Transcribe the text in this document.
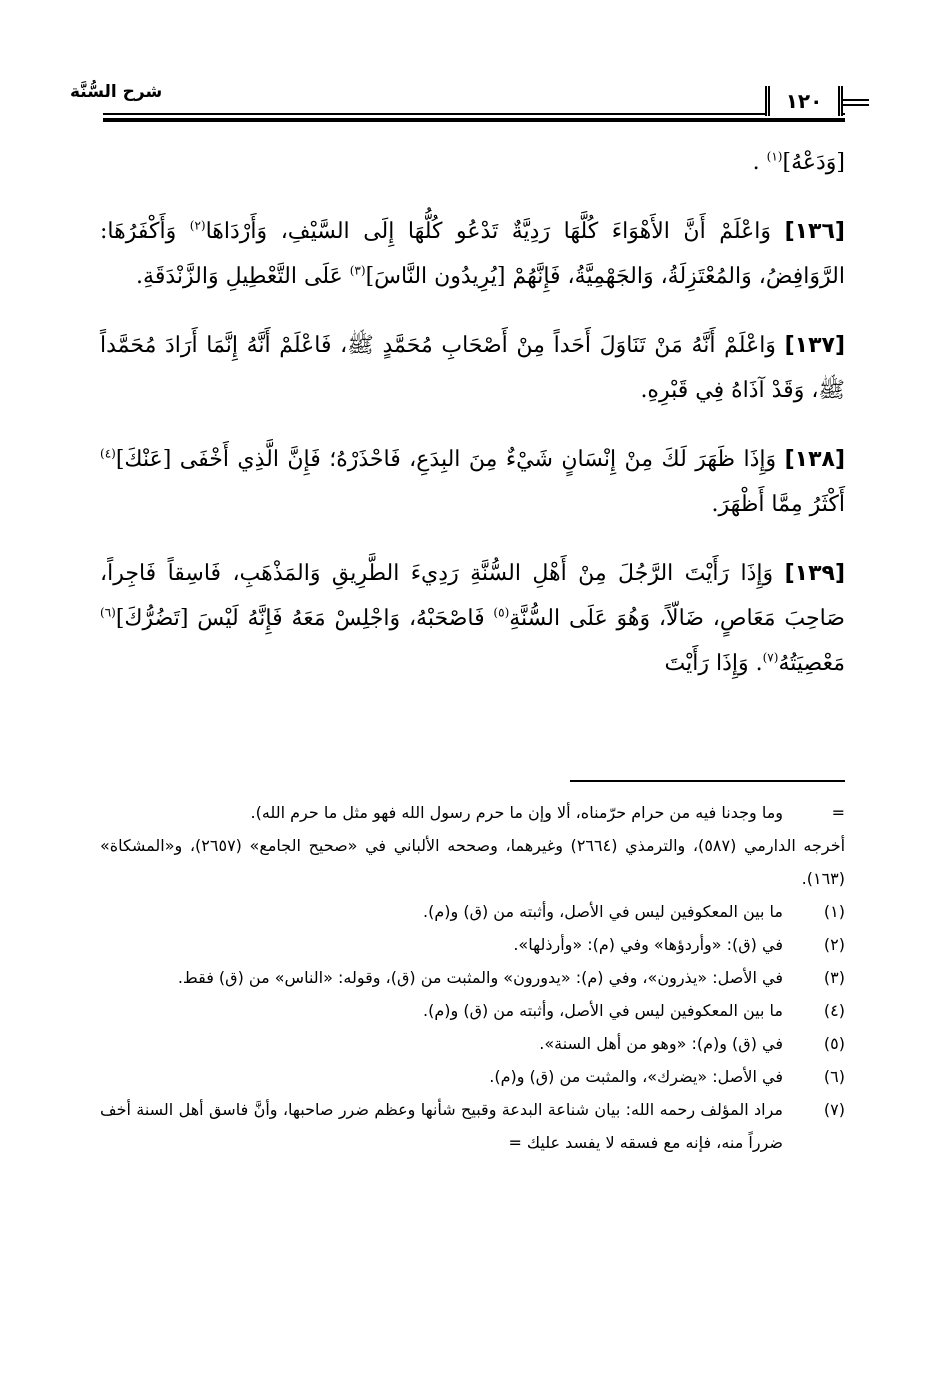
شرح السُّنَّة	١٢٠

[وَدَعْهُ]$^{(١)}$ .

[١٣٦] وَاعْلَمْ أَنَّ الأَهْوَاءَ كُلَّهَا رَدِيَّةٌ تَدْعُو كُلُّهَا إِلَى السَّيْفِ، وَأَرْدَاهَا$^{(٢)}$ وَأَكْفَرُهَا: الرَّوَافِضُ، وَالمُعْتَزِلَةُ، وَالجَهْمِيَّةُ، فَإِنَّهُمْ [يُرِيدُون النَّاسَ]$^{(٣)}$ عَلَى التَّعْطِيلِ وَالزَّنْدَقَةِ.

[١٣٧] وَاعْلَمْ أَنَّهُ مَنْ تَنَاوَلَ أَحَداً مِنْ أَصْحَابِ مُحَمَّدٍ ﷺ، فَاعْلَمْ أَنَّهُ إِنَّمَا أَرَادَ مُحَمَّداً ﷺ، وَقَدْ آذَاهُ فِي قَبْرِهِ.

[١٣٨] وَإِذَا ظَهَرَ لَكَ مِنْ إِنْسَانٍ شَيْءٌ مِنَ البِدَعِ، فَاحْذَرْهُ؛ فَإِنَّ الَّذِي أَخْفَى [عَنْكَ]$^{(٤)}$ أَكْثَرُ مِمَّا أَظْهَرَ.

[١٣٩] وَإِذَا رَأَيْتَ الرَّجُلَ مِنْ أَهْلِ السُّنَّةِ رَدِيءَ الطَّرِيقِ وَالمَذْهَبِ، فَاسِقاً فَاجِراً، صَاحِبَ مَعَاصٍ، ضَالّاً، وَهُوَ عَلَى السُّنَّةِ$^{(٥)}$ فَاصْحَبْهُ، وَاجْلِسْ مَعَهُ فَإِنَّهُ لَيْسَ [تَضُرُّكَ]$^{(٦)}$ مَعْصِيَتُهُ$^{(٧)}$. وَإِذَا رَأَيْتَ

=
وما وجدنا فيه من حرام حرّمناه، ألا وإن ما حرم رسول الله فهو مثل ما حرم الله).
أخرجه الدارمي (٥٨٧)، والترمذي (٢٦٦٤) وغيرهما، وصححه الألباني في «صحيح الجامع» (٢٦٥٧)، و«المشكاة» (١٦٣).
(١)
ما بين المعكوفين ليس في الأصل، وأثبته من (ق) و(م).
(٢)
في (ق): «وأردؤها» وفي (م): «وأرذلها».
(٣)
في الأصل: «يذرون»، وفي (م): «يدورون» والمثبت من (ق)، وقوله: «الناس» من (ق) فقط.
(٤)
ما بين المعكوفين ليس في الأصل، وأثبته من (ق) و(م).
(٥)
في (ق) و(م): «وهو من أهل السنة».
(٦)
في الأصل: «يضرك»، والمثبت من (ق) و(م).
(٧)
مراد المؤلف رحمه الله: بيان شناعة البدعة وقبيح شأنها وعظم ضرر صاحبها، وأنَّ فاسق أهل السنة أخف ضرراً منه، فإنه مع فسقه لا يفسد عليك =
